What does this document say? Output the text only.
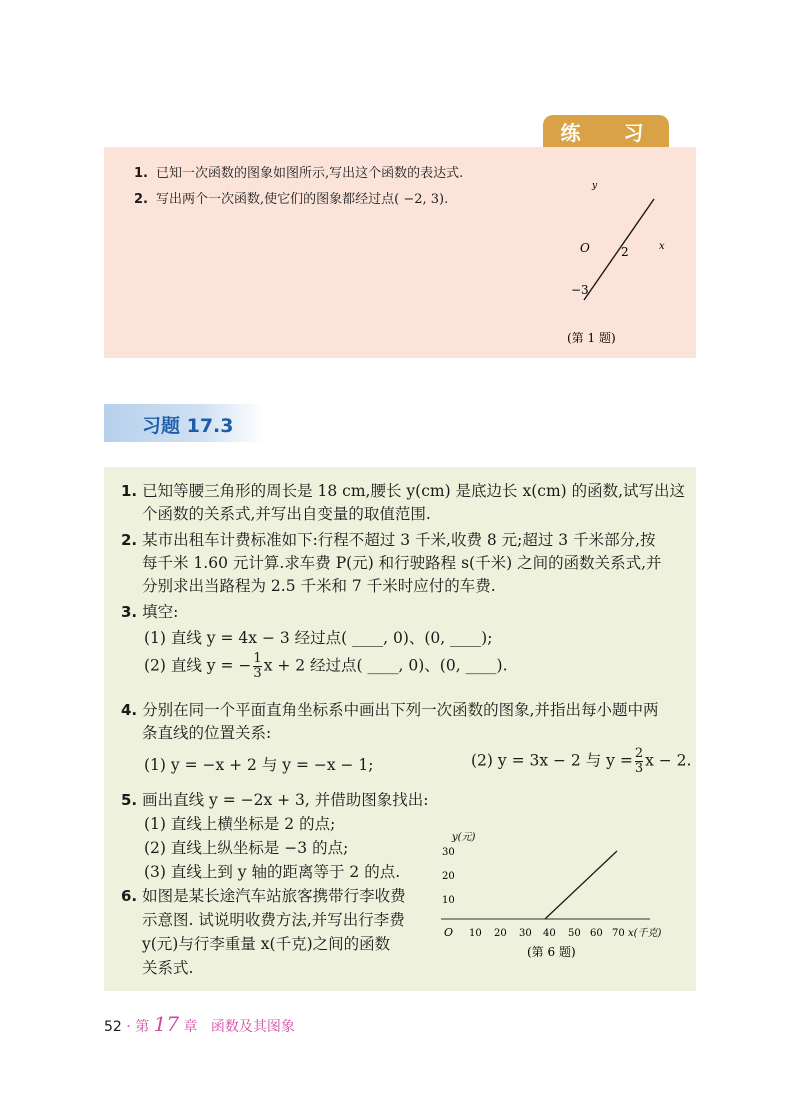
练 习
1. 已知一次函数的图象如图所示,写出这个函数的表达式.
2. 写出两个一次函数,使它们的图象都经过点( −2, 3).
y
O	2	x
−3
(第 1 题)
习题 17.3
1. 已知等腰三角形的周长是 18 cm,腰长 y(cm) 是底边长 x(cm) 的函数,试写出这
个函数的关系式,并写出自变量的取值范围.
2. 某市出租车计费标准如下:行程不超过 3 千米,收费 8 元;超过 3 千米部分,按
每千米 1.60 元计算.求车费 P(元) 和行驶路程 s(千米) 之间的函数关系式,并
分别求出当路程为 2.5 千米和 7 千米时应付的车费.
3. 填空:
(1) 直线 y = 4x − 3 经过点( ____, 0)、(0, ____);
(2) 直线 y = − $\frac{1}{3}$ x + 2 经过点( ____, 0)、(0, ____).
4. 分别在同一个平面直角坐标系中画出下列一次函数的图象,并指出每小题中两
条直线的位置关系:
(1) y = −x + 2 与 y = −x − 1;	(2) y = 3x − 2 与 $y = \frac{2}{3}$ x − 2.
5. 画出直线 y = −2x + 3, 并借助图象找出:
(1) 直线上横坐标是 2 的点;
(2) 直线上纵坐标是 −3 的点;
(3) 直线上到 y 轴的距离等于 2 的点.
6. 如图是某长途汽车站旅客携带行李收费
示意图. 试说明收费方法,并写出行李费
y(元)与行李重量 x(千克)之间的函数
关系式.
y(元)
30
20
10
O 10 20 30 40 50 60 70 x(千克)
(第 6 题)
52 · 第 17 章 函数及其图象
